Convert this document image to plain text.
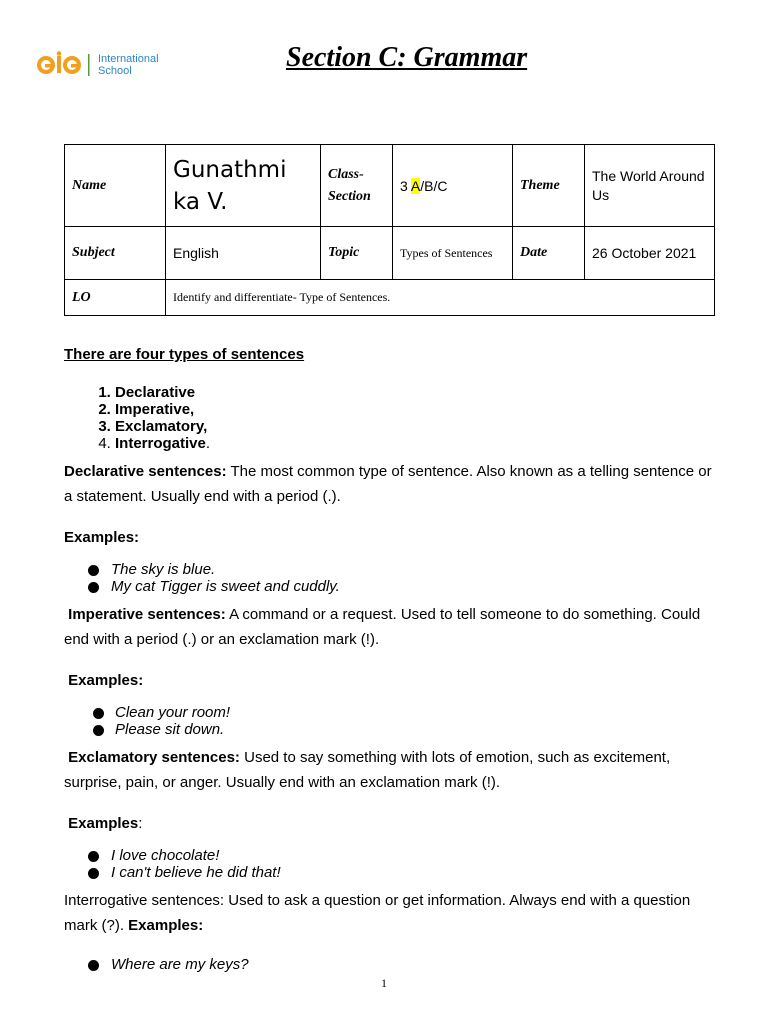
International
School	Section C: Grammar
Name	Gunathmi ka V.	Class-Section	3 A/B/C	Theme	The World Around Us
Subject	English	Topic	Types of Sentences	Date	26 October 2021
LO	Identify and differentiate- Type of Sentences.				
There are four types of sentences
1. Declarative
2. Imperative,
3. Exclamatory,
4. Interrogative.

Declarative sentences: The most common type of sentence. Also known as a telling sentence or a statement. Usually end with a period (.).

Examples:

The sky is blue.
My cat Tigger is sweet and cuddly.

Imperative sentences: A command or a request. Used to tell someone to do something. Could end with a period (.) or an exclamation mark (!).

Examples:

Clean your room!
Please sit down.

Exclamatory sentences: Used to say something with lots of emotion, such as excitement, surprise, pain, or anger. Usually end with an exclamation mark (!).

Examples:

I love chocolate!
I can't believe he did that!

Interrogative sentences: Used to ask a question or get information. Always end with a question mark (?). Examples:

Where are my keys?
1
